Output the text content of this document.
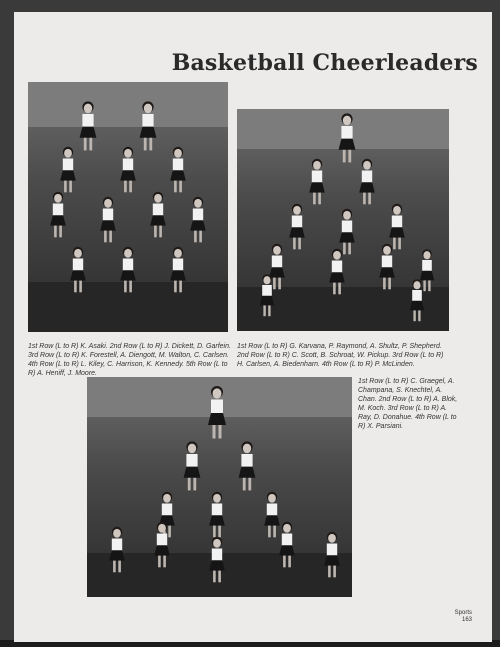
Basketball Cheerleaders

1st Row (L to R) K. Asaki. 2nd Row (L to R) J. Dickett, D. Garfein. 3rd Row (L to R) K. Forestell, A. Diengott, M. Walton, C. Carlsen. 4th Row (L to R) L. Kiley, C. Harrison, K. Kennedy. 5th Row (L to R) A. Heniff, J. Moore.

1st Row (L to R) G. Karvana, P. Raymond, A. Shultz, P. Shepherd. 2nd Row (L to R) C. Scott, B. Schroat, W. Pickup. 3rd Row (L to R) H. Carlsen, A. Biedenharn. 4th Row (L to R) P. McLinden.

1st Row (L to R) C. Graegel, A. Champana, S. Knechtel, A. Chan. 2nd Row (L to R) A. Blok, M. Koch. 3rd Row (L to R) A. Ray, D. Donahue. 4th Row (L to R) X. Parsiani.

Sports
163
